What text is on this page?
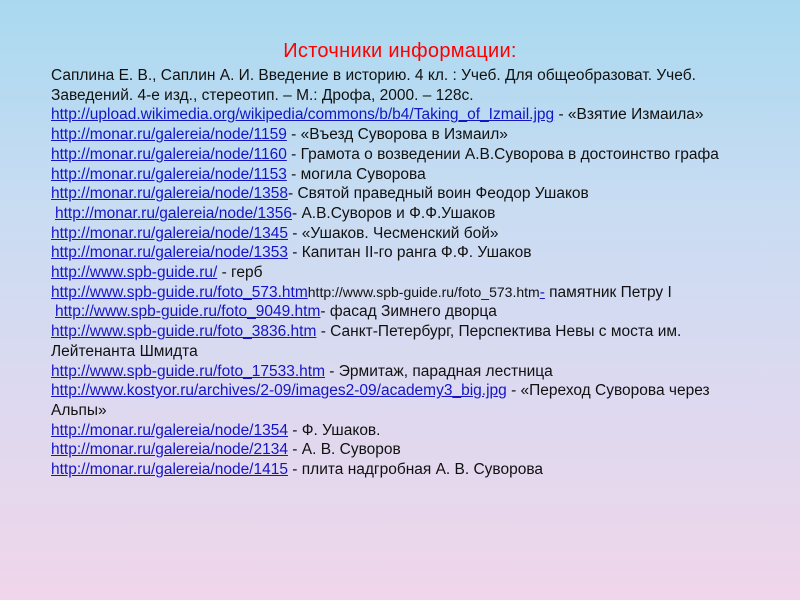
Источники информации:

Саплина Е. В., Саплин А. И. Введение в историю. 4 кл. : Учеб. Для общеобразоват. Учеб. Заведений. 4-е изд., стереотип. – М.: Дрофа, 2000. – 128с.

http://upload.wikimedia.org/wikipedia/commons/b/b4/Taking_of_Izmail.jpg - «Взятие Измаила»

http://monar.ru/galereia/node/1159 - «Въезд Суворова в Измаил»

http://monar.ru/galereia/node/1160 - Грамота о возведении А.В.Суворова в достоинство графа

http://monar.ru/galereia/node/1153 - могила Суворова

http://monar.ru/galereia/node/1358- Святой праведный воин Феодор Ушаков

http://monar.ru/galereia/node/1356- А.В.Суворов и Ф.Ф.Ушаков

http://monar.ru/galereia/node/1345 - «Ушаков. Чесменский бой»

http://monar.ru/galereia/node/1353 - Капитан II-го ранга Ф.Ф. Ушаков

http://www.spb-guide.ru/ - герб

http://www.spb-guide.ru/foto_573.htmhttp://www.spb-guide.ru/foto_573.htm- памятник Петру I

http://www.spb-guide.ru/foto_9049.htm- фасад Зимнего дворца

http://www.spb-guide.ru/foto_3836.htm - Санкт-Петербург, Перспектива Невы с моста им. Лейтенанта Шмидта

http://www.spb-guide.ru/foto_17533.htm - Эрмитаж, парадная лестница

http://www.kostyor.ru/archives/2-09/images2-09/academy3_big.jpg - «Переход Суворова через Альпы»

http://monar.ru/galereia/node/1354 - Ф. Ушаков.

http://monar.ru/galereia/node/2134 - А. В. Суворов

http://monar.ru/galereia/node/1415 - плита надгробная А. В. Суворова
